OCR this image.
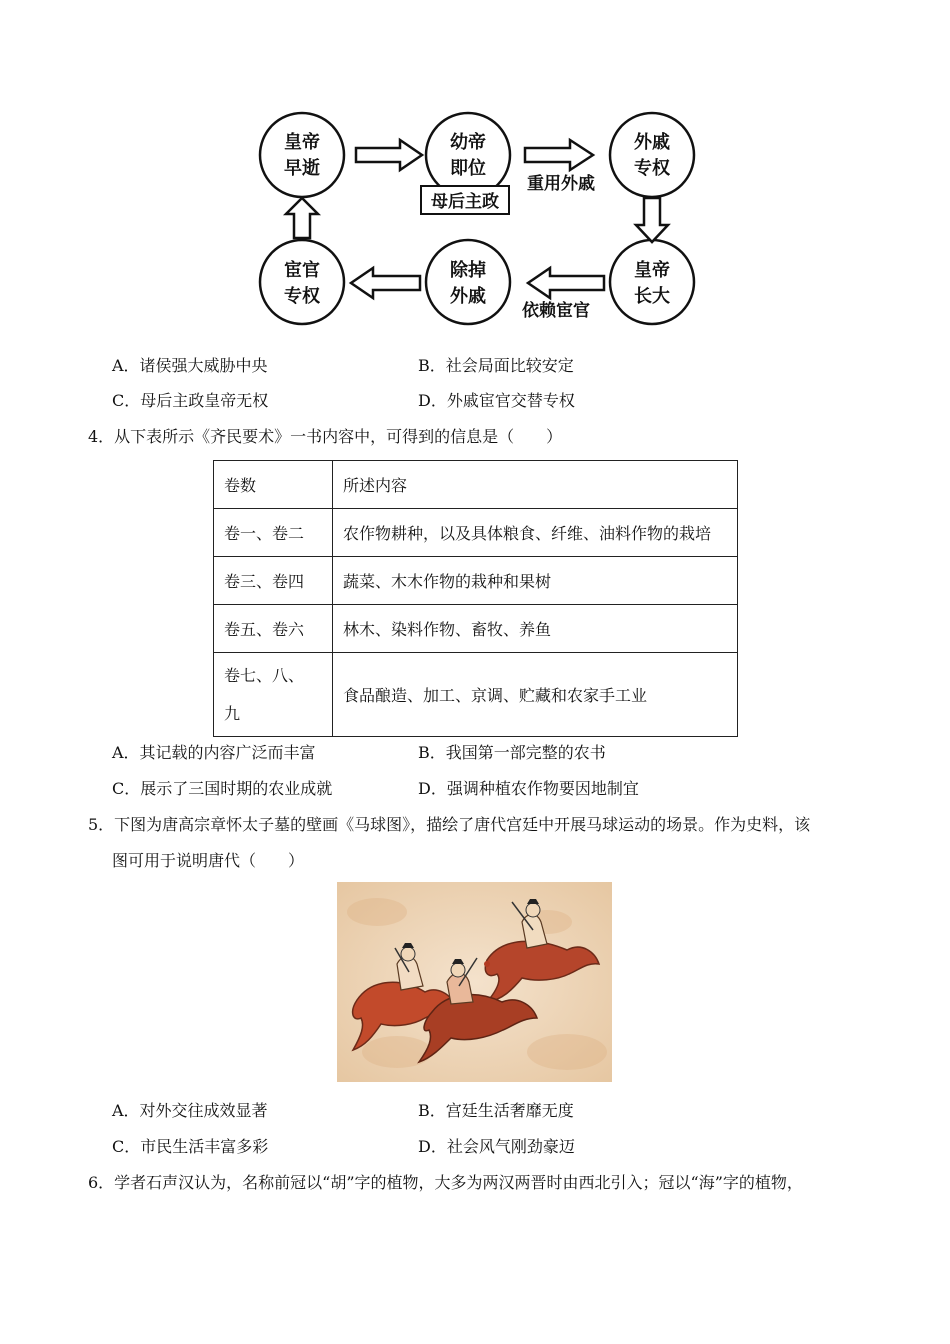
皇帝
早逝
幼帝
即位
外戚
专权
皇帝
长大
除掉
外戚
宦官
专权
母后主政
重用外戚
依赖宦官
A．诸侯强大威胁中央	B．社会局面比较安定
C．母后主政皇帝无权	D．外戚宦官交替专权
4．从下表所示《齐民要术》一书内容中，可得到的信息是（　　）
卷数	所述内容
卷一、卷二	农作物耕种，以及具体粮食、纤维、油料作物的栽培
卷三、卷四	蔬菜、木木作物的栽种和果树
卷五、卷六	林木、染料作物、畜牧、养鱼
卷七、八、
九	食品酿造、加工、京调、贮藏和农家手工业
A．其记载的内容广泛而丰富	B．我国第一部完整的农书
C．展示了三国时期的农业成就	D．强调种植农作物要因地制宜
5．下图为唐高宗章怀太子墓的壁画《马球图》，描绘了唐代宫廷中开展马球运动的场景。作为史料，该
图可用于说明唐代（　　）
A．对外交往成效显著	B．宫廷生活奢靡无度
C．市民生活丰富多彩	D．社会风气刚劲豪迈
6．学者石声汉认为，名称前冠以“胡”字的植物，大多为两汉两晋时由西北引入；冠以“海”字的植物，
